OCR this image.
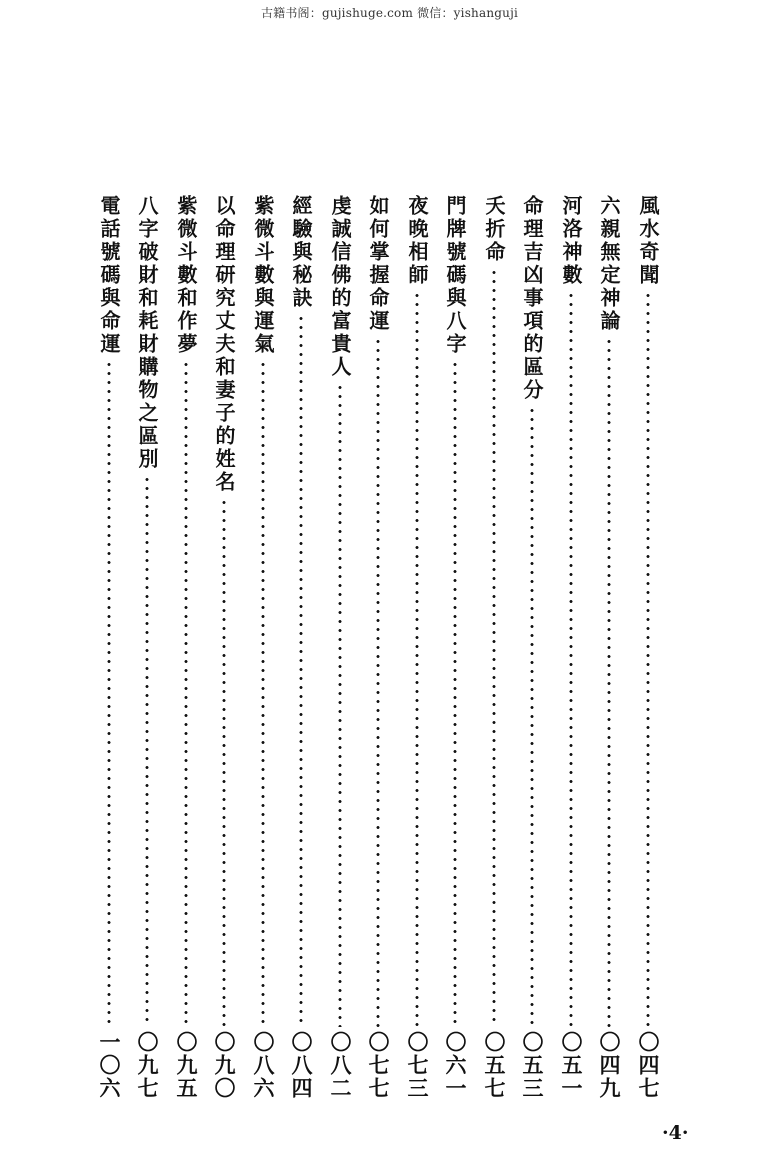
古籍书阁：gujishuge.com 微信：yishanguji
風水奇聞
〇四七
六親無定神論
〇四九
河洛神數
〇五一
命理吉凶事項的區分
〇五三
夭折命
〇五七
門牌號碼與八字
〇六一
夜晚相師
〇七三
如何掌握命運
〇七七
虔誠信佛的富貴人
〇八二
經驗與秘訣
〇八四
紫微斗數與運氣
〇八六
以命理研究丈夫和妻子的姓名
〇九〇
紫微斗數和作夢
〇九五
八字破財和耗財購物之區別
〇九七
電話號碼與命運
一〇六
·4·
